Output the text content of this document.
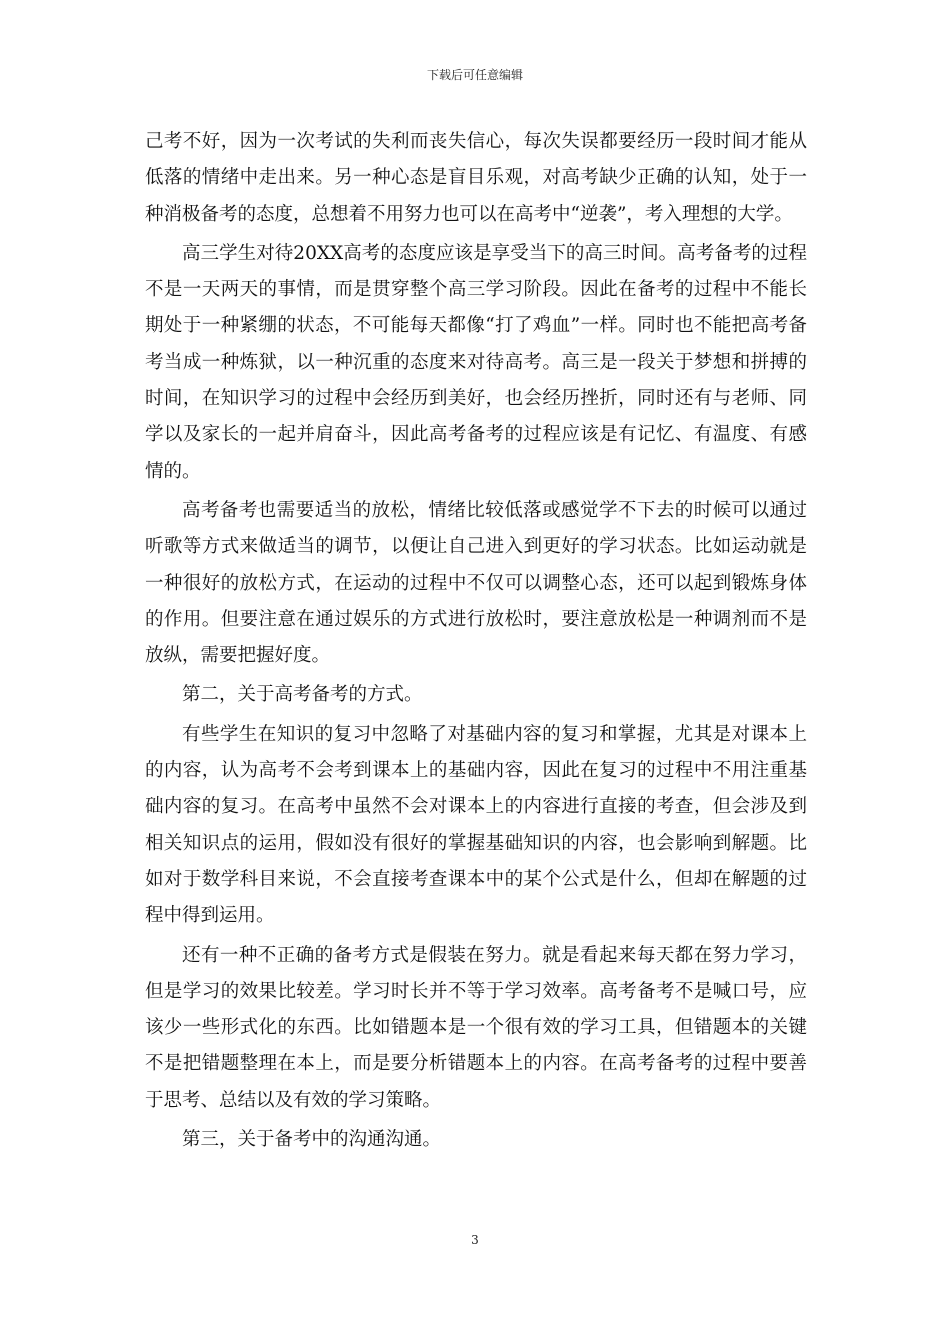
下载后可任意编辑

己考不好，因为一次考试的失利而丧失信心，每次失误都要经历一段时间才能从低落的情绪中走出来。另一种心态是盲目乐观，对高考缺少正确的认知，处于一种消极备考的态度，总想着不用努力也可以在高考中“逆袭”，考入理想的大学。

高三学生对待20XX高考的态度应该是享受当下的高三时间。高考备考的过程不是一天两天的事情，而是贯穿整个高三学习阶段。因此在备考的过程中不能长期处于一种紧绷的状态，不可能每天都像“打了鸡血”一样。同时也不能把高考备考当成一种炼狱，以一种沉重的态度来对待高考。高三是一段关于梦想和拼搏的时间，在知识学习的过程中会经历到美好，也会经历挫折，同时还有与老师、同学以及家长的一起并肩奋斗，因此高考备考的过程应该是有记忆、有温度、有感情的。

高考备考也需要适当的放松，情绪比较低落或感觉学不下去的时候可以通过听歌等方式来做适当的调节，以便让自己进入到更好的学习状态。比如运动就是一种很好的放松方式，在运动的过程中不仅可以调整心态，还可以起到锻炼身体的作用。但要注意在通过娱乐的方式进行放松时，要注意放松是一种调剂而不是放纵，需要把握好度。

第二，关于高考备考的方式。

有些学生在知识的复习中忽略了对基础内容的复习和掌握，尤其是对课本上的内容，认为高考不会考到课本上的基础内容，因此在复习的过程中不用注重基础内容的复习。在高考中虽然不会对课本上的内容进行直接的考查，但会涉及到相关知识点的运用，假如没有很好的掌握基础知识的内容，也会影响到解题。比如对于数学科目来说，不会直接考查课本中的某个公式是什么，但却在解题的过程中得到运用。

还有一种不正确的备考方式是假装在努力。就是看起来每天都在努力学习，但是学习的效果比较差。学习时长并不等于学习效率。高考备考不是喊口号，应该少一些形式化的东西。比如错题本是一个很有效的学习工具，但错题本的关键不是把错题整理在本上，而是要分析错题本上的内容。在高考备考的过程中要善于思考、总结以及有效的学习策略。

第三，关于备考中的沟通沟通。

3
